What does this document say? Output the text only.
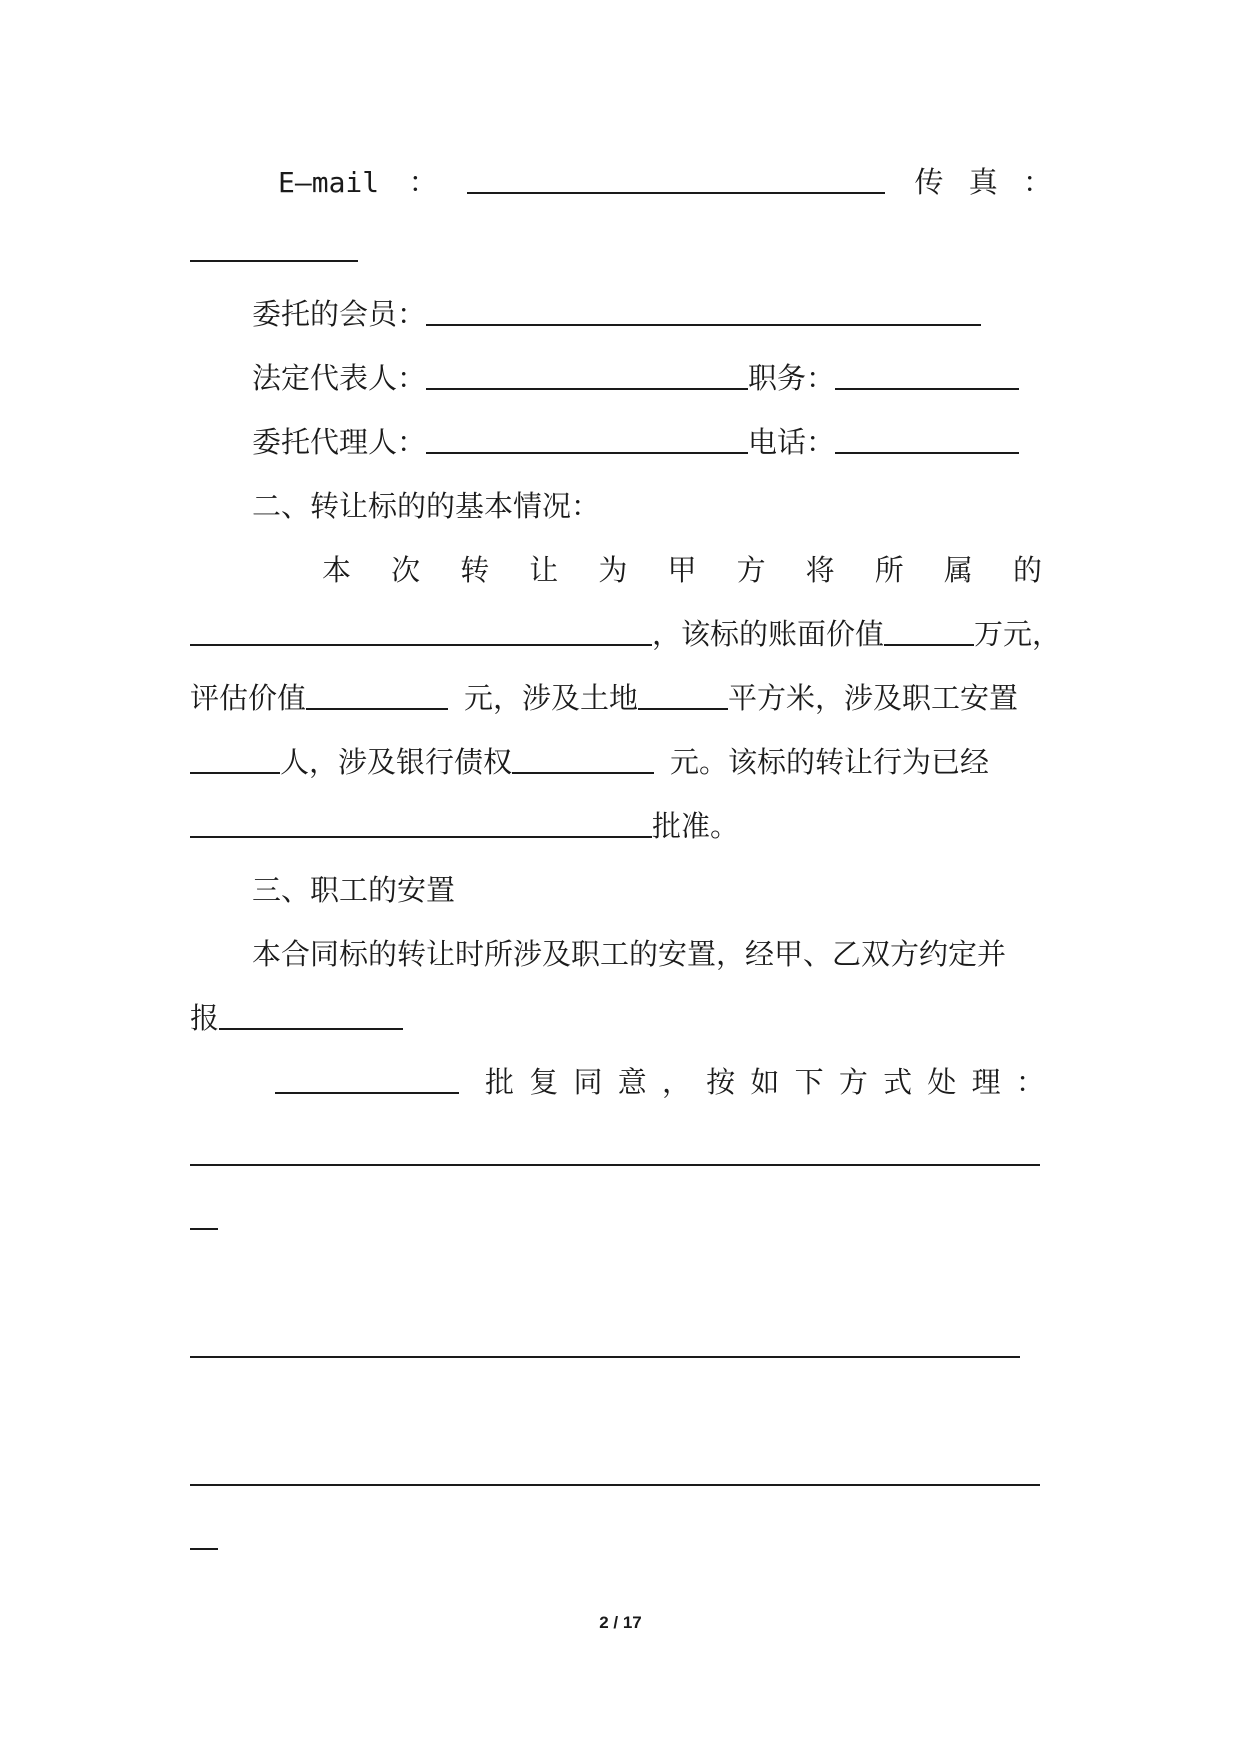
E—mail ：	传 真 ：
委托的会员：
法定代表人：	职务：
委托代理人：	电话：
二、转让标的的基本情况：
本 次 转 让 为 甲 方 将 所 属 的
，该标的账面价值	万元，
评估价值	元，涉及土地	平方米，涉及职工安置
人，涉及银行债权	元。该标的转让行为已经
批准。
三、职工的安置
本合同标的转让时所涉及职工的安置，经甲、乙双方约定并
报
批 复 同 意 ， 按 如 下 方 式 处 理 ：
2 / 17
